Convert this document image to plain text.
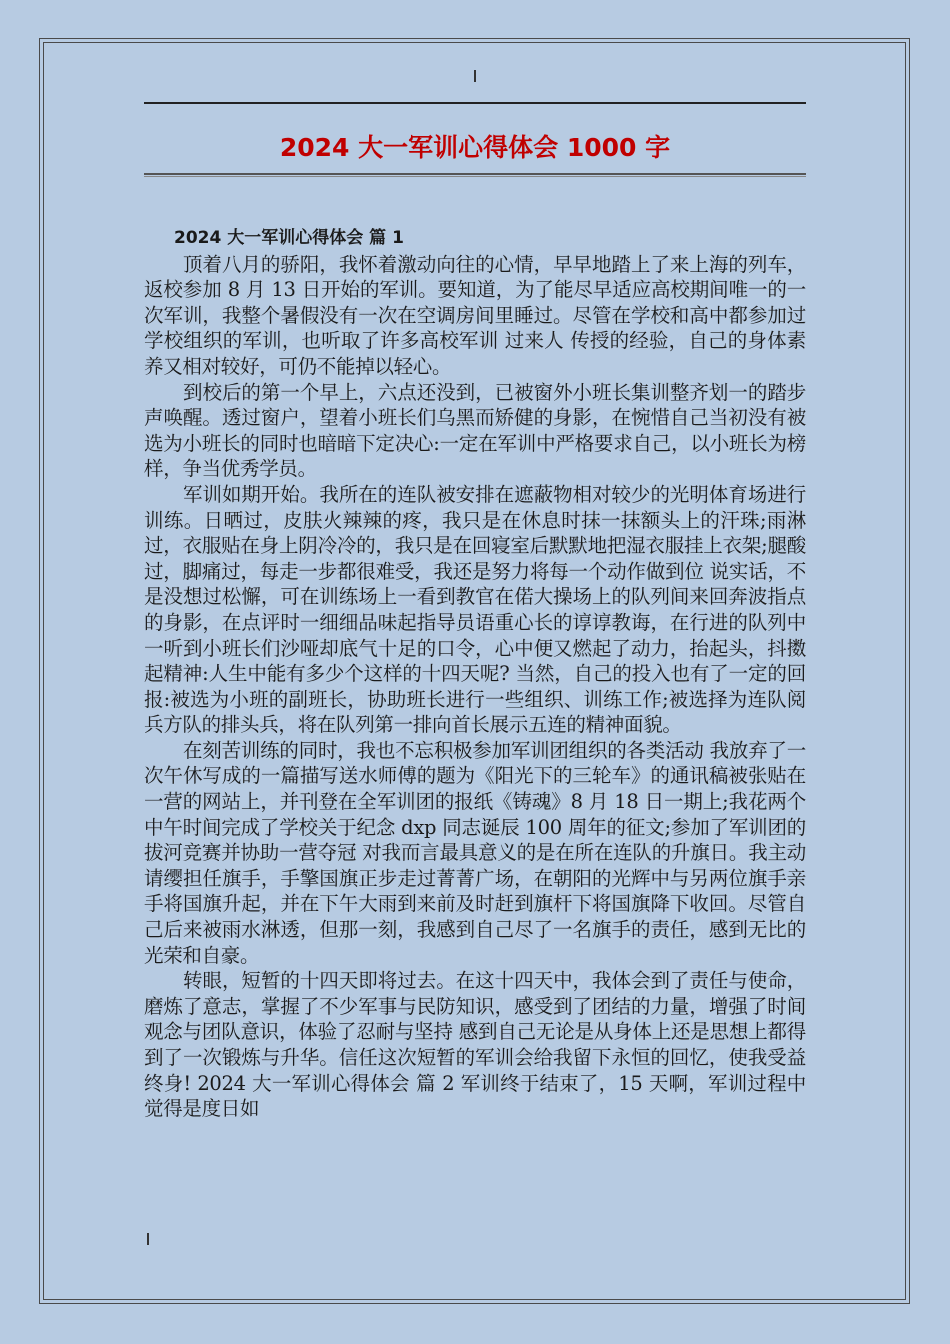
2024 大一军训心得体会 1000 字

2024 大一军训心得体会 篇 1

顶着八月的骄阳，我怀着激动向往的心情，早早地踏上了来上海的列车，返校参加 8 月 13 日开始的军训。要知道，为了能尽早适应高校期间唯一的一次军训，我整个暑假没有一次在空调房间里睡过。尽管在学校和高中都参加过学校组织的军训，也听取了许多高校军训 过来人 传授的经验，自己的身体素养又相对较好，可仍不能掉以轻心。

到校后的第一个早上，六点还没到，已被窗外小班长集训整齐划一的踏步声唤醒。透过窗户，望着小班长们乌黑而矫健的身影，在惋惜自己当初没有被选为小班长的同时也暗暗下定决心:一定在军训中严格要求自己，以小班长为榜样，争当优秀学员。

军训如期开始。我所在的连队被安排在遮蔽物相对较少的光明体育场进行训练。日晒过，皮肤火辣辣的疼，我只是在休息时抹一抹额头上的汗珠;雨淋过，衣服贴在身上阴冷冷的，我只是在回寝室后默默地把湿衣服挂上衣架;腿酸过，脚痛过，每走一步都很难受，我还是努力将每一个动作做到位 说实话，不是没想过松懈，可在训练场上一看到教官在偌大操场上的队列间来回奔波指点的身影，在点评时一细细品味起指导员语重心长的谆谆教诲，在行进的队列中一听到小班长们沙哑却底气十足的口令，心中便又燃起了动力，抬起头，抖擞起精神:人生中能有多少个这样的十四天呢? 当然，自己的投入也有了一定的回报:被选为小班的副班长，协助班长进行一些组织、训练工作;被选择为连队阅兵方队的排头兵，将在队列第一排向首长展示五连的精神面貌。

在刻苦训练的同时，我也不忘积极参加军训团组织的各类活动 我放弃了一次午休写成的一篇描写送水师傅的题为《阳光下的三轮车》的通讯稿被张贴在一营的网站上，并刊登在全军训团的报纸《铸魂》8 月 18 日一期上;我花两个中午时间完成了学校关于纪念 dxp 同志诞辰 100 周年的征文;参加了军训团的拔河竞赛并协助一营夺冠 对我而言最具意义的是在所在连队的升旗日。我主动请缨担任旗手，手擎国旗正步走过菁菁广场，在朝阳的光辉中与另两位旗手亲手将国旗升起，并在下午大雨到来前及时赶到旗杆下将国旗降下收回。尽管自己后来被雨水淋透，但那一刻，我感到自己尽了一名旗手的责任，感到无比的光荣和自豪。

转眼，短暂的十四天即将过去。在这十四天中，我体会到了责任与使命，磨炼了意志，掌握了不少军事与民防知识，感受到了团结的力量，增强了时间观念与团队意识，体验了忍耐与坚持 感到自己无论是从身体上还是思想上都得到了一次锻炼与升华。信任这次短暂的军训会给我留下永恒的回忆，使我受益终身! 2024 大一军训心得体会 篇 2 军训终于结束了，15 天啊，军训过程中觉得是度日如
